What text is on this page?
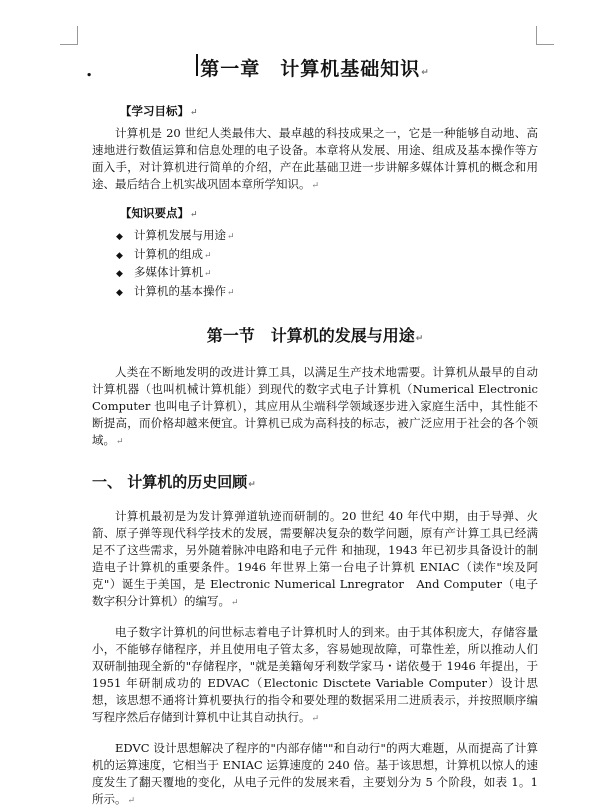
.	第一章　计算机基础知识↵
【学习目标】↵

计算机是 20 世纪人类最伟大、最卓越的科技成果之一，它是一种能够自动地、高速地进行数值运算和信息处理的电子设备。本章将从发展、用途、组成及基本操作等方面入手，对计算机进行简单的介绍，产在此基础卫进一步讲解多媒体计算机的概念和用途、最后结合上机实战巩固本章所学知识。↵

【知识要点】↵
◆ 计算机发展与用途↵
◆ 计算机的组成↵
◆ 多媒体计算机↵
◆ 计算机的基本操作↵
第一节　计算机的发展与用途↵

人类在不断地发明的改进计算工具，以满足生产技术地需要。计算机从最早的自动计算机器（也叫机械计算机能）到现代的数字式电子计算机（Numerical Electronic　Computer 也叫电子计算机），其应用从尘端科学领域逐步进入家庭生活中，其性能不断提高，而价格却越来便宜。计算机已成为高科技的标志，被广泛应用于社会的各个领域。↵

一、 计算机的历史回顾↵

计算机最初是为发计算弹道轨迹而研制的。20 世纪 40 年代中期，由于导弹、火箭、原子弹等现代科学技术的发展，需要解决复杂的数学问题，原有产计算工具已经满足不了这些需求，另外随着脉冲电路和电子元件 和抽现，1943 年已初步具备设计的制造电子计算机的重要条件。1946 年世界上第一台电子计算机 ENIAC（读作"埃及阿克"）诞生于美国，是 Electronic Numerical Lnregrator　And Computer（电子数字积分计算机）的编写。↵

电子数字计算机的问世标志着电子计算机时人的到来。由于其体积庞大，存储容量小，不能够存储程序，并且使用电子管太多，容易她现故障，可靠性差，所以推动人们双研制抽现全新的"存储程序，"就是美籍匈牙利数学家马・诺依曼于 1946 年提出，于 1951 年研制成功的 EDVAC（Electonic Disctete Variable Computer）设计思想，该思想不通将计算机要执行的指令和要处理的数据采用二进质表示，并按照顺序编写程序然后存储到计算机中让其自动执行。↵

EDVC 设计思想解决了程序的"内部存储""和自动行"的两大难题，从而提高了计算机的运算速度，它相当于 ENIAC 运算速度的 240 倍。基于该思想，计算机以惊人的速度发生了翻天覆地的变化，从电子元件的发展来看，主要划分为 5 个阶段，如表 1。1 所示。↵
